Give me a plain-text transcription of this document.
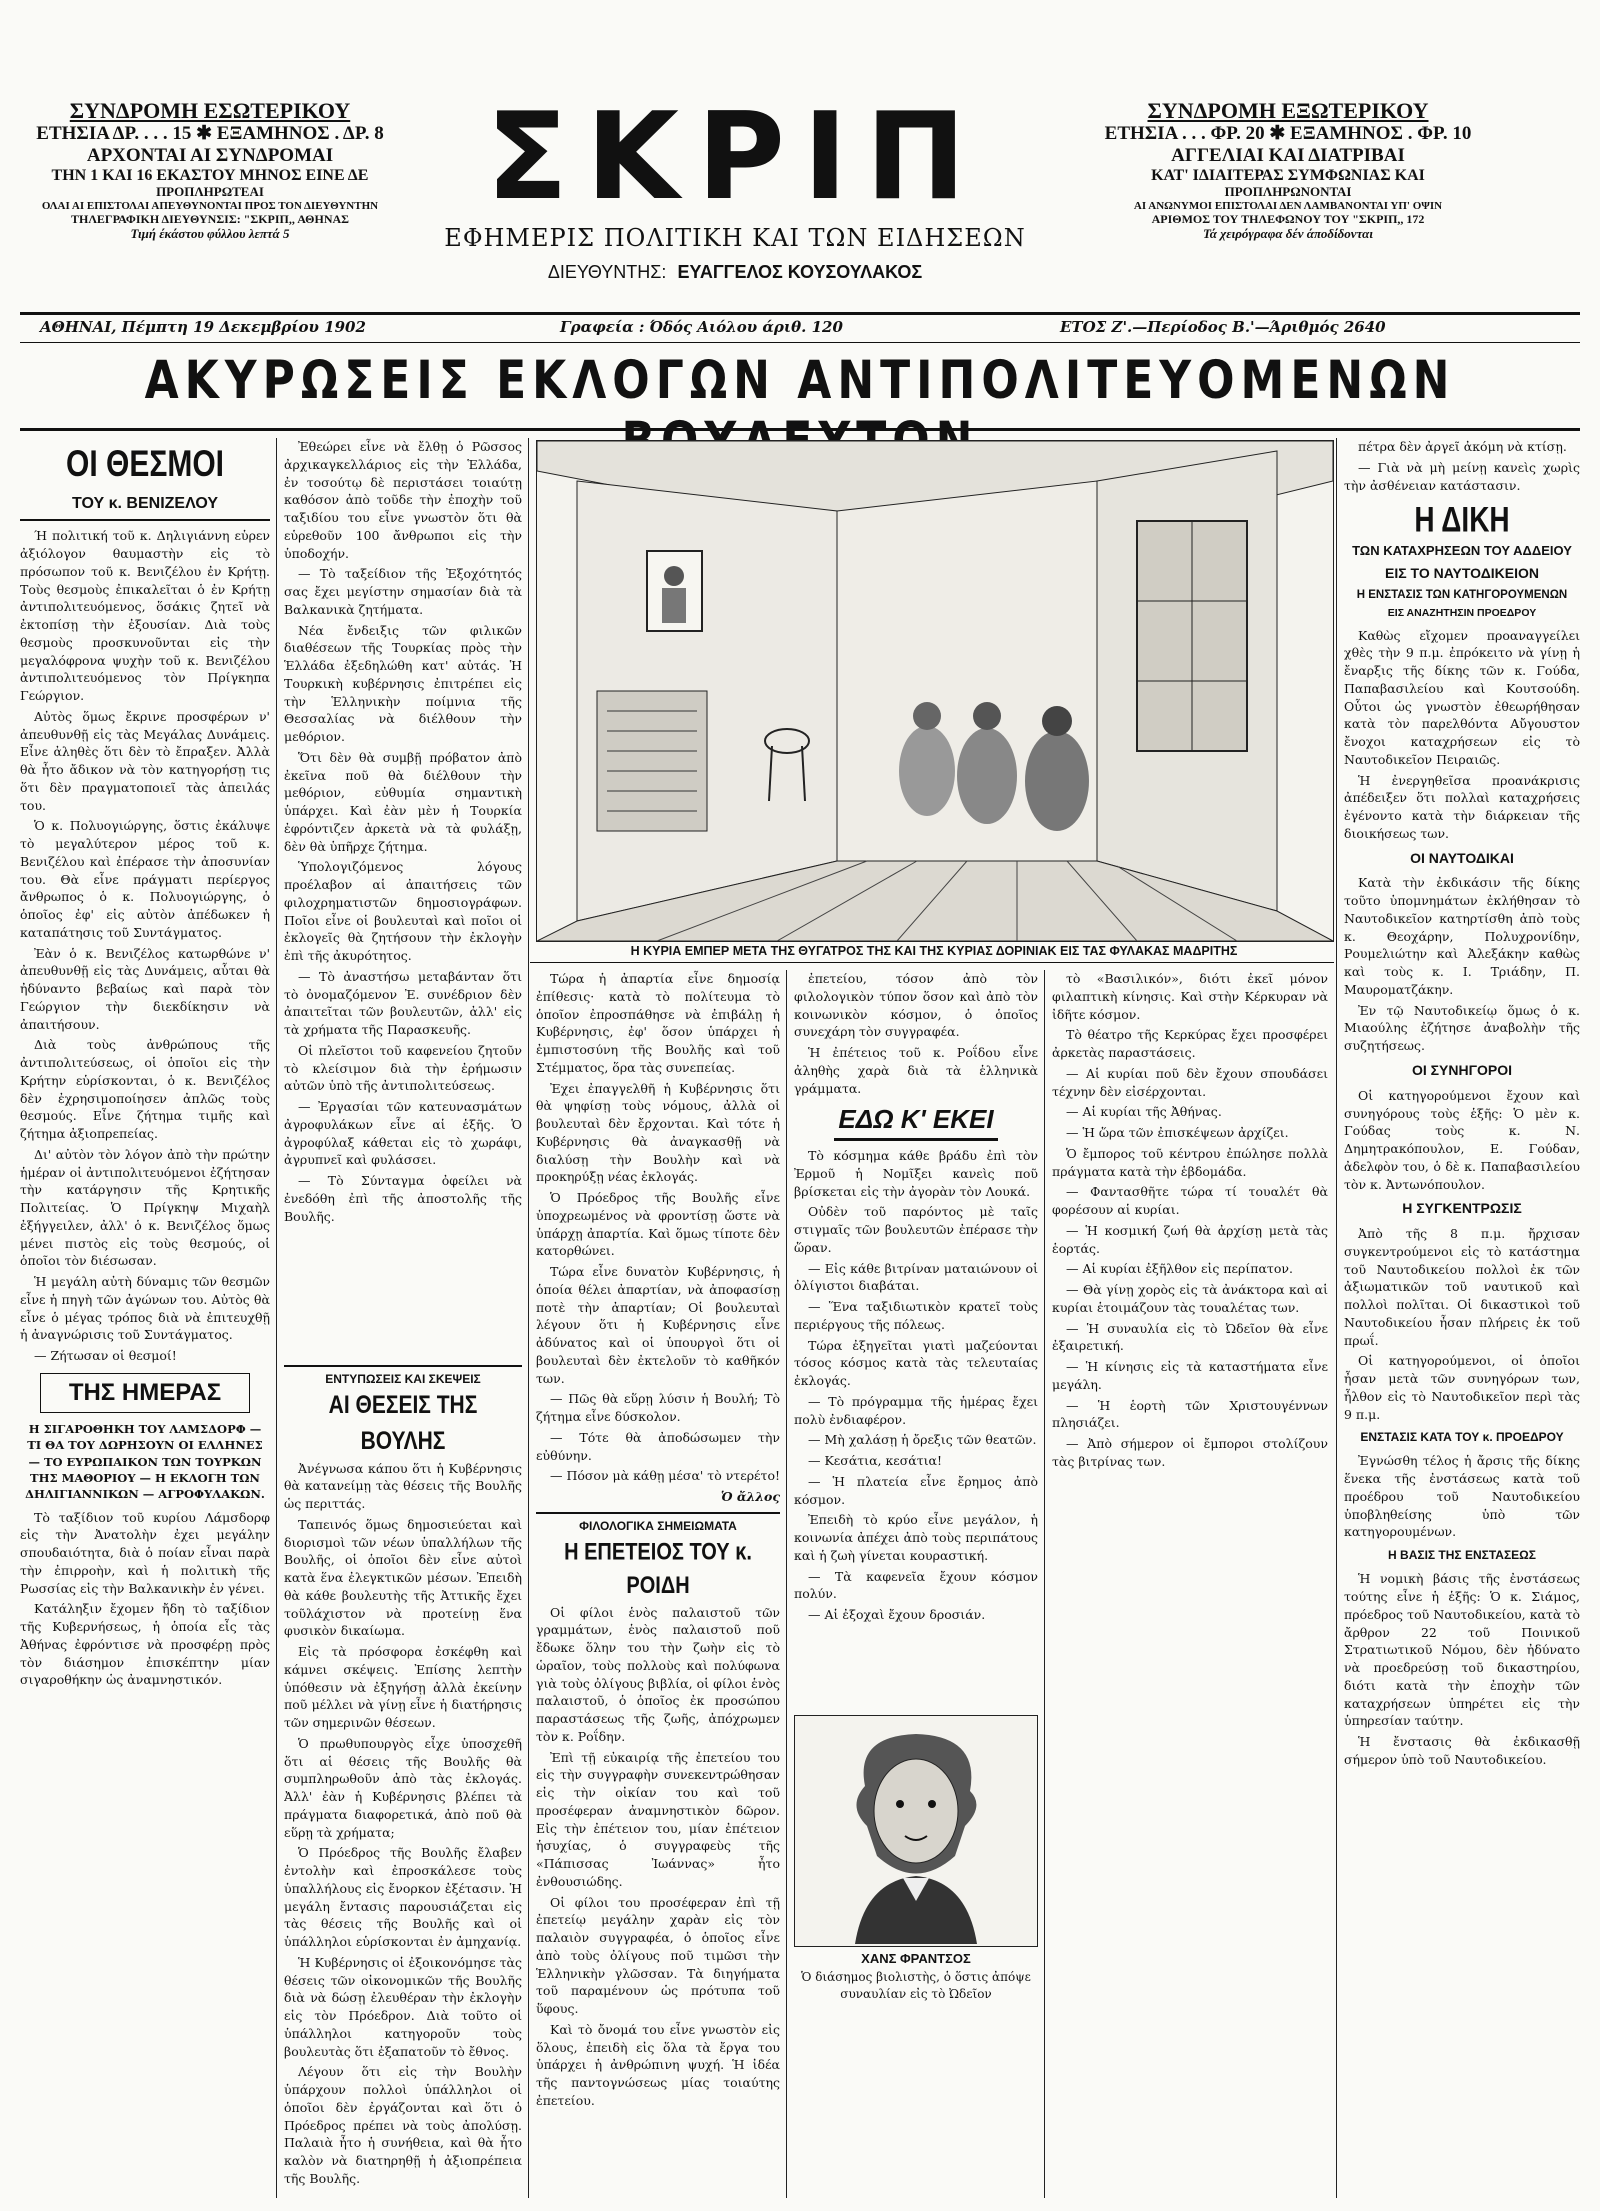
ΣΥΝΔΡΟΜΗ ΕΣΩΤΕΡΙΚΟΥ
ΕΤΗΣΙΑ ΔΡ. . . . 15 ✱ ΕΞΑΜΗΝΟΣ . ΔΡ. 8
ΑΡΧΟΝΤΑΙ ΑΙ ΣΥΝΔΡΟΜΑΙ
ΤΗΝ 1 ΚΑΙ 16 ΕΚΑΣΤΟΥ ΜΗΝΟΣ ΕΙΝΕ ΔΕ
ΠΡΟΠΛΗΡΩΤΕΑΙ
ΟΛΑΙ ΑΙ ΕΠΙΣΤΟΛΑΙ ΑΠΕΥΘΥΝΟΝΤΑΙ ΠΡΟΣ ΤΟΝ ΔΙΕΥΘΥΝΤΗΝ
ΤΗΛΕΓΡΑΦΙΚΗ ΔΙΕΥΘΥΝΣΙΣ: "ΣΚΡΙΠ,, ΑΘΗΝΑΣ
Τιμή έκάστου φύλλου λεπτά 5
ΣΚΡΙΠ
ΕΦΗΜΕΡΙΣ ΠΟΛΙΤΙΚΗ ΚΑΙ ΤΩΝ ΕΙΔΗΣΕΩΝ
ΔΙΕΥΘΥΝΤΗΣ: ΕΥΑΓΓΕΛΟΣ ΚΟΥΣΟΥΛΑΚΟΣ
ΣΥΝΔΡΟΜΗ ΕΞΩΤΕΡΙΚΟΥ
ΕΤΗΣΙΑ . . . ΦΡ. 20 ✱ ΕΞΑΜΗΝΟΣ . ΦΡ. 10
ΑΓΓΕΛΙΑΙ ΚΑΙ ΔΙΑΤΡΙΒΑΙ
ΚΑΤ' ΙΔΙΑΙΤΕΡΑΣ ΣΥΜΦΩΝΙΑΣ ΚΑΙ
ΠΡΟΠΛΗΡΩΝΟΝΤΑΙ
ΑΙ ΑΝΩΝΥΜΟΙ ΕΠΙΣΤΟΛΑΙ ΔΕΝ ΛΑΜΒΑΝΟΝΤΑΙ ΥΠ' ΟΨΙΝ
ΑΡΙΘΜΟΣ ΤΟΥ ΤΗΛΕΦΩΝΟΥ ΤΟΥ "ΣΚΡΙΠ,, 172
Τά χειρόγραφα δέν άποδίδονται
ΑΘΗΝΑΙ, Πέμπτη 19 Δεκεμβρίου 1902	Γραφεία : Όδός Αιόλου άριθ. 120	ΕΤΟΣ Ζ'.—Περίοδος Β.'—Άριθμός 2640
ΑΚΥΡΩΣΕΙΣ ΕΚΛΟΓΩΝ ΑΝΤΙΠΟΛΙΤΕΥΟΜΕΝΩΝ
ΟΙ ΘΕΣΜΟΙ
ΤΟΥ κ. ΒΕΝΙΖΕΛΟΥ

Ή πολιτική τοῦ κ. Δηλιγιάννη εὑρεν ἀξιόλογον θαυμαστὴν εἰς τὸ πρόσωπον τοῦ κ. Βενιζέλου ἐν Κρήτῃ. Τοὺς θεσμοὺς ἐπικαλεῖται ὁ ἐν Κρήτῃ ἀντιπολιτευόμενος, ὅσάκις ζητεῖ νὰ ἐκτοπίσῃ τὴν ἐξουσίαν. Διὰ τοὺς θεσμοὺς προσκυνοῦνται εἰς τὴν μεγαλόφρονα ψυχὴν τοῦ κ. Βενιζέλου ἀντιπολιτευόμενος τὸν Πρίγκηπα Γεώργιον.

Αὐτὸς ὅμως ἔκρινε προσφέρων ν' ἀπευθυνθῇ εἰς τὰς Μεγάλας Δυνάμεις. Εἶνε ἀληθὲς ὅτι δὲν τὸ ἔπραξεν. Ἀλλὰ θὰ ἦτο ἄδικον νὰ τὸν κατηγορήσῃ τις ὅτι δὲν πραγματοποιεῖ τὰς ἀπειλάς του.

Ὁ κ. Πολυογιώργης, ὅστις ἐκάλυψε τὸ μεγαλύτερον μέρος τοῦ κ. Βενιζέλου καὶ ἐπέρασε τὴν ἀποσυνίαν του. Θὰ εἶνε πράγματι περίεργος ἄνθρωπος ὁ κ. Πολυογιώργης, ὁ ὁποῖος ἐφ' εἰς αὐτὸν ἀπέδωκεν ἡ καταπάτησις τοῦ Συντάγματος.

Ἐὰν ὁ κ. Βενιζέλος κατωρθώνε ν' ἀπευθυνθῇ εἰς τὰς Δυνάμεις, αὗται θὰ ἠδύναντο βεβαίως καὶ παρὰ τὸν Γεώργιον τὴν διεκδίκησιν νὰ ἀπαιτήσουν.

Διὰ τοὺς ἀνθρώπους τῆς ἀντιπολιτεύσεως, οἱ ὁποῖοι εἰς τὴν Κρήτην εὑρίσκονται, ὁ κ. Βενιζέλος δὲν ἐχρησιμοποίησεν ἀπλῶς τοὺς θεσμούς. Εἶνε ζήτημα τιμῆς καὶ ζήτημα ἀξιοπρεπείας.

Δι' αὐτὸν τὸν λόγον ἀπὸ τὴν πρώτην ἡμέραν οἱ ἀντιπολιτευόμενοι ἐζήτησαν τὴν κατάργησιν τῆς Κρητικῆς Πολιτείας. Ὁ Πρίγκηψ Μιχαὴλ ἐξήγγειλεν, ἀλλ' ὁ κ. Βενιζέλος ὅμως μένει πιστὸς εἰς τοὺς θεσμούς, οἱ ὁποῖοι τὸν διέσωσαν.

Ἡ μεγάλη αὐτὴ δύναμις τῶν θεσμῶν εἶνε ἡ πηγὴ τῶν ἀγώνων του. Αὐτὸς θὰ εἶνε ὁ μέγας τρόπος διὰ νὰ ἐπιτευχθῇ ἡ ἀναγνώρισις τοῦ Συντάγματος.

— Ζήτωσαν οἱ θεσμοί!

ΤΗΣ ΗΜΕΡΑΣ
Η ΣΙΓΑΡΟΘΗΚΗ ΤΟΥ ΛΑΜΣΔΟΡΦ — ΤΙ ΘΑ ΤΟΥ ΔΩΡΗΣΟΥΝ ΟΙ ΕΛΛΗΝΕΣ — ΤΟ ΕΥΡΩΠΑΙΚΟΝ ΤΩΝ ΤΟΥΡΚΩΝ ΤΗΣ ΜΑΘΟΡΙΟΥ — Η ΕΚΛΟΓΗ ΤΩΝ ΔΗΛΙΓΙΑΝΝΙΚΩΝ — ΑΓΡΟΦΥΛΑΚΩΝ.

Τὸ ταξίδιον τοῦ κυρίου Λάμσδορφ εἰς τὴν Ἀνατολὴν ἐχει μεγάλην σπουδαιότητα, διὰ ὁ ποίαν εἶναι παρὰ τὴν ἐπιρροὴν, καὶ ἡ πολιτικὴ τῆς Ρωσσίας εἰς τὴν Βαλκανικὴν ἐν γένει.

Κατάληξιν ἔχομεν ἤδη τὸ ταξίδιον τῆς Κυβερνήσεως, ἡ ὁποία εἶς τὰς Ἀθήνας ἐφρόντισε νὰ προσφέρῃ πρὸς τὸν διάσημον ἐπισκέπτην μίαν σιγαροθήκην ὡς ἀναμνηστικόν.

Ἐθεώρει εἶνε νὰ ἔλθῃ ὁ Ρῶσσος ἀρχικαγκελλάριος εἰς τὴν Ἑλλάδα, ἐν τοσούτῳ δὲ περιστάσει τοιαύτῃ καθόσον ἀπὸ τοῦδε τὴν ἐποχὴν τοῦ ταξιδίου του εἶνε γνωστὸν ὅτι θὰ εὑρεθοῦν 100 ἄνθρωποι εἰς τὴν ὑποδοχήν.

— Τὸ ταξείδιον τῆς Ἐξοχότητός σας ἔχει μεγίστην σημασίαν διὰ τὰ Βαλκανικὰ ζητήματα.

Νέα ἔνδειξις τῶν φιλικῶν διαθέσεων τῆς Τουρκίας πρὸς τὴν Ἑλλάδα ἐξεδηλώθη κατ' αὐτάς. Ἡ Τουρκικὴ κυβέρνησις ἐπιτρέπει εἰς τὴν Ἑλληνικὴν ποίμνια τῆς Θεσσαλίας νὰ διέλθουν τὴν μεθόριον.

Ὅτι δὲν θὰ συμβῇ πρόβατον ἀπὸ ἐκεῖνα ποῦ θὰ διέλθουν τὴν μεθόριον, εὐθυμία σημαντικὴ ὑπάρχει. Καὶ ἐὰν μὲν ἡ Τουρκία ἐφρόντιζεν ἀρκετὰ νὰ τὰ φυλάξῃ, δὲν θὰ ὑπῆρχε ζήτημα.

Ὑπολογιζόμενος λόγους προέλαβον αἱ ἀπαιτήσεις τῶν φιλοχρηματιστῶν δημοσιογράφων. Ποῖοι εἶνε οἱ βουλευταὶ καὶ ποῖοι οἱ ἐκλογεῖς θὰ ζητήσουν τὴν ἐκλογὴν ἐπὶ τῆς ἀκυρότητος.

— Τὸ ἀναστήσω μεταβάνταν ὅτι τὸ ὀνομαζόμενον Ἐ. συνέδριον δὲν ἀπαιτεῖται τῶν βουλευτῶν, ἀλλ' εἰς τὰ χρήματα τῆς Παρασκευῆς.

Οἱ πλεῖστοι τοῦ καφενείου ζητοῦν τὸ κλείσιμον διὰ τὴν ἐρήμωσιν αὐτῶν ὑπὸ τῆς ἀντιπολιτεύσεως.

— Ἐργασίαι τῶν κατευνασμάτων ἀγροφυλάκων εἶνε αἱ ἑξῆς. Ὁ ἀγροφύλαξ κάθεται εἰς τὸ χωράφι, ἀγρυπνεῖ καὶ φυλάσσει.

— Τὸ Σύνταγμα ὀφείλει νὰ ἐνεδόθη ἐπὶ τῆς ἀποστολῆς τῆς Βουλῆς.

ΕΝΤΥΠΩΣΕΙΣ ΚΑΙ ΣΚΕΨΕΙΣ
ΑΙ ΘΕΣΕΙΣ ΤΗΣ ΒΟΥΛΗΣ

Ἀνέγνωσα κάπου ὅτι ἡ Κυβέρνησις θὰ κατανείμῃ τὰς θέσεις τῆς Βουλῆς ὡς περιττάς.

Ταπεινός ὅμως δημοσιεύεται καὶ διορισμοὶ τῶν νέων ὑπαλλήλων τῆς Βουλῆς, οἱ ὁποῖοι δὲν εἶνε αὐτοὶ κατὰ ἕνα ἐλεγκτικῶν μέσων. Ἐπειδὴ θὰ κάθε βουλευτὴς τῆς Ἀττικῆς ἔχει τοῦλάχιστον νὰ προτείνῃ ἕνα φυσικὸν δικαίωμα.

Εἰς τὰ πρόσφορα ἐσκέφθη καὶ κάμνει σκέψεις. Ἐπίσης λεπτὴν ὑπόθεσιν νὰ ἐξηγήσῃ ἀλλὰ ἐκείνην ποῦ μέλλει νὰ γίνῃ εἶνε ἡ διατήρησις τῶν σημερινῶν θέσεων.

Ὁ πρωθυπουργὸς εἶχε ὑποσχεθῆ ὅτι αἱ θέσεις τῆς Βουλῆς θὰ συμπληρωθοῦν ἀπὸ τὰς ἐκλογάς. Ἀλλ' ἐὰν ἡ Κυβέρνησις βλέπει τὰ πράγματα διαφορετικά, ἀπὸ ποῦ θὰ εὕρῃ τὰ χρήματα;

Ὁ Πρόεδρος τῆς Βουλῆς ἔλαβεν ἐντολὴν καὶ ἐπροσκάλεσε τοὺς ὑπαλλήλους εἰς ἔνορκον ἐξέτασιν. Ἡ μεγάλη ἔντασις παρουσιάζεται εἰς τὰς θέσεις τῆς Βουλῆς καὶ οἱ ὑπάλληλοι εὑρίσκονται ἐν ἀμηχανίᾳ.

Ἡ Κυβέρνησις οἱ ἐξοικονόμησε τὰς θέσεις τῶν οἰκονομικῶν τῆς Βουλῆς διὰ νὰ δώσῃ ἐλευθέραν τὴν ἐκλογὴν εἰς τὸν Πρόεδρον. Διὰ τοῦτο οἱ ὑπάλληλοι κατηγοροῦν τοὺς βουλευτὰς ὅτι ἐξαπατοῦν τὸ ἔθνος.

Λέγουν ὅτι εἰς τὴν Βουλὴν ὑπάρχουν πολλοὶ ὑπάλληλοι οἱ ὁποῖοι δὲν ἐργάζονται καὶ ὅτι ὁ Πρόεδρος πρέπει νὰ τοὺς ἀπολύσῃ. Παλαιὰ ἦτο ἡ συνήθεια, καὶ θὰ ἦτο καλὸν νὰ διατηρηθῇ ἡ ἀξιοπρέπεια τῆς Βουλῆς.

Η ΚΥΡΙΑ ΕΜΠΕΡ ΜΕΤΑ ΤΗΣ ΘΥΓΑΤΡΟΣ ΤΗΣ ΚΑΙ ΤΗΣ ΚΥΡΙΑΣ ΔΟΡΙΝΙΑΚ ΕΙΣ ΤΑΣ ΦΥΛΑΚΑΣ ΜΑΔΡΙΤΗΣ

Τώρα ἡ ἀπαρτία εἶνε δημοσίᾳ ἐπίθεσις· κατὰ τὸ πολίτευμα τὸ ὁποῖον ἐπροσπάθησε νὰ ἐπιβάλῃ ἡ Κυβέρνησις, ἐφ' ὅσον ὑπάρχει ἡ ἐμπιστοσύνη τῆς Βουλῆς καὶ τοῦ Στέμματος, ὅρα τὰς συνεπείας.

Ἐχει ἐπαγγελθῆ ἡ Κυβέρνησις ὅτι θὰ ψηφίσῃ τοὺς νόμους, ἀλλὰ οἱ βουλευταὶ δὲν ἔρχονται. Καὶ τότε ἡ Κυβέρνησις θὰ ἀναγκασθῇ νὰ διαλύσῃ τὴν Βουλὴν καὶ νὰ προκηρύξῃ νέας ἐκλογάς.

Ὁ Πρόεδρος τῆς Βουλῆς εἶνε ὑποχρεωμένος νὰ φροντίσῃ ὥστε νὰ ὑπάρχῃ ἀπαρτία. Καὶ ὅμως τίποτε δὲν κατορθώνει.

Τώρα εἶνε δυνατὸν Κυβέρνησις, ἡ ὁποία θέλει ἀπαρτίαν, νὰ ἀποφασίσῃ ποτὲ τὴν ἀπαρτίαν; Οἱ βουλευταὶ λέγουν ὅτι ἡ Κυβέρνησις εἶνε ἀδύνατος καὶ οἱ ὑπουργοὶ ὅτι οἱ βουλευταὶ δὲν ἐκτελοῦν τὸ καθῆκόν των.

— Πῶς θὰ εὕρῃ λύσιν ἡ Βουλή; Τὸ ζήτημα εἶνε δύσκολον.

— Τότε θὰ ἀποδώσωμεν τὴν εὐθύνην.

— Πόσον μὰ κάθῃ μέσα' τὸ ντερέτο!

Ὁ ἄλλος
ΦΙΛΟΛΟΓΙΚΑ ΣΗΜΕΙΩΜΑΤΑ
Η ΕΠΕΤΕΙΟΣ ΤΟΥ κ. ΡΟΙΔΗ

Οἱ φίλοι ἑνὸς παλαιστοῦ τῶν γραμμάτων, ἑνὸς παλαιστοῦ ποῦ ἔδωκε ὅλην του τὴν ζωὴν εἰς τὸ ὡραῖον, τοὺς πολλοὺς καὶ πολύφωνα γιὰ τοὺς ὀλίγους βιβλία, οἱ φίλοι ἑνὸς παλαιστοῦ, ὁ ὁποῖος ἐκ προσώπου παραστάσεως τῆς ζωῆς, ἀπόχρωμεν τὸν κ. Ροΐδην.

Ἐπὶ τῇ εὐκαιρίᾳ τῆς ἐπετείου του εἰς τὴν συγγραφὴν συνεκεντρώθησαν εἰς τὴν οἰκίαν του καὶ τοῦ προσέφεραν ἀναμνηστικὸν δῶρον. Εἰς τὴν ἐπέτειον του, μίαν ἐπέτειον ἡσυχίας, ὁ συγγραφεὺς τῆς «Πάπισσας Ἰωάννας» ἦτο ἐνθουσιώδης.

Οἱ φίλοι του προσέφεραν ἐπὶ τῇ ἐπετείῳ μεγάλην χαρὰν εἰς τὸν παλαιὸν συγγραφέα, ὁ ὁποῖος εἶνε ἀπὸ τοὺς ὀλίγους ποῦ τιμῶσι τὴν Ἑλληνικὴν γλῶσσαν. Τὰ διηγήματα τοῦ παραμένουν ὡς πρότυπα τοῦ ὕφους.

Καὶ τὸ ὄνομά του εἶνε γνωστὸν εἰς ὅλους, ἐπειδὴ εἰς ὅλα τὰ ἔργα του ὑπάρχει ἡ ἀνθρώπινη ψυχή. Ἡ ἰδέα τῆς παντογνώσεως μίας τοιαύτης ἐπετείου.

ἐπετείου, τόσον ἀπὸ τὸν φιλολογικὸν τύπον ὅσον καὶ ἀπὸ τὸν κοινωνικὸν κόσμον, ὁ ὁποῖος συνεχάρη τὸν συγγραφέα.

Ἡ ἐπέτειος τοῦ κ. Ροΐδου εἶνε ἀληθὴς χαρὰ διὰ τὰ ἑλληνικὰ γράμματα.

ΕΔΩ Κ' ΕΚΕΙ

Τὸ κόσμημα κάθε βράδυ ἐπὶ τὸν Ἐρμοῦ ἡ Νομῖξει κανεὶς ποῦ βρίσκεται εἰς τὴν ἀγορὰν τὸν Λουκά.

Οὐδὲν τοῦ παρόντος μὲ ταῖς στιγμαῖς τῶν βουλευτῶν ἐπέρασε τὴν ὥραν.

— Εἰς κάθε βιτρίναν ματαιώνουν οἱ ὀλίγιστοι διαβάται.

— Ἕνα ταξιδιωτικὸν κρατεῖ τοὺς περιέργους τῆς πόλεως.

Τώρα ἐξηγεῖται γιατὶ μαζεύονται τόσος κόσμος κατὰ τὰς τελευταίας ἐκλογάς.

— Τὸ πρόγραμμα τῆς ἡμέρας ἔχει πολὺ ἐνδιαφέρον.

— Μὴ χαλάσῃ ἡ ὄρεξις τῶν θεατῶν.

— Κεσάτια, κεσάτια!

— Ἡ πλατεία εἶνε ἔρημος ἀπὸ κόσμον.

Ἐπειδὴ τὸ κρύο εἶνε μεγάλον, ἡ κοινωνία ἀπέχει ἀπὸ τοὺς περιπάτους καὶ ἡ ζωὴ γίνεται κουραστική.

— Τὰ καφενεῖα ἔχουν κόσμον πολύν.

— Αἱ ἐξοχαὶ ἔχουν δροσιάν.

ΧΑΝΣ ΦΡΑΝΤΣΟΣ
Ὁ διάσημος βιολιστὴς, ὁ ὅστις ἀπόψε συναυλίαν εἰς τὸ Ὠδεῖον

τὸ «Βασιλικόν», διότι ἐκεῖ μόνον φιλαπτικὴ κίνησις. Καὶ στὴν Κέρκυραν νὰ ἰδῆτε κόσμον.

Τὸ θέατρο τῆς Κερκύρας ἔχει προσφέρει ἀρκετὰς παραστάσεις.

— Αἱ κυρίαι ποῦ δὲν ἔχουν σπουδάσει τέχνην δὲν εἰσέρχονται.

— Αἱ κυρίαι τῆς Ἀθήνας.

— Ἡ ὥρα τῶν ἐπισκέψεων ἀρχίζει.

Ὁ ἔμπορος τοῦ κέντρου ἐπώλησε πολλὰ πράγματα κατὰ τὴν ἑβδομάδα.

— Φαντασθῆτε τώρα τί τουαλέτ θὰ φορέσουν αἱ κυρίαι.

— Ἡ κοσμική ζωή θὰ ἀρχίσῃ μετὰ τὰς ἑορτάς.

— Αἱ κυρίαι ἐξῆλθον εἰς περίπατον.

— Θὰ γίνῃ χορὸς εἰς τὰ ἀνάκτορα καὶ αἱ κυρίαι ἑτοιμάζουν τὰς τουαλέτας των.

— Ἡ συναυλία εἰς τὸ Ὠδεῖον θὰ εἶνε ἐξαιρετική.

— Ἡ κίνησις εἰς τὰ καταστήματα εἶνε μεγάλη.

— Ἡ ἑορτὴ τῶν Χριστουγέννων πλησιάζει.

— Ἀπὸ σήμερον οἱ ἔμποροι στολίζουν τὰς βιτρίνας των.

πέτρα δὲν ἀργεῖ ἀκόμη νὰ κτίσῃ.

— Γιὰ νὰ μὴ μείνῃ κανεὶς χωρὶς τὴν ἀσθένειαν κατάστασιν.

Η ΔΙΚΗ
ΤΩΝ ΚΑΤΑΧΡΗΣΕΩΝ ΤΟΥ ΑΔΔΕΙΟΥ
ΕΙΣ ΤΟ ΝΑΥΤΟΔΙΚΕΙΟΝ
Η ΕΝΣΤΑΣΙΣ ΤΩΝ ΚΑΤΗΓΟΡΟΥΜΕΝΩΝ
ΕΙΣ ΑΝΑΖΗΤΗΣΙΝ ΠΡΟΕΔΡΟΥ

Καθὼς εἴχομεν προαναγγείλει χθὲς τὴν 9 π.μ. ἐπρόκειτο νὰ γίνῃ ἡ ἔναρξις τῆς δίκης τῶν κ. Γούδα, Παπαβασιλείου καὶ Κουτσούδη. Οὗτοι ὡς γνωστὸν ἐθεωρήθησαν κατὰ τὸν παρελθόντα Αὔγουστον ἔνοχοι καταχρήσεων εἰς τὸ Ναυτοδικεῖον Πειραιῶς.

Ἡ ἐνεργηθεῖσα προανάκρισις ἀπέδειξεν ὅτι πολλαὶ καταχρήσεις ἐγένοντο κατὰ τὴν διάρκειαν τῆς διοικήσεως των.

ΟΙ ΝΑΥΤΟΔΙΚΑΙ

Κατὰ τὴν ἐκδικάσιν τῆς δίκης τοῦτο ὑπομνημάτων ἐκλήθησαν τὸ Ναυτοδικεῖον κατηρτίσθη ἀπὸ τοὺς κ. Θεοχάρην, Πολυχρονίδην, Ρουμελιώτην καὶ Ἀλεξάκην καθὼς καὶ τοὺς κ. Ι. Τριάδην, Π. Μαυροματζάκην.

Ἐν τῷ Ναυτοδικείῳ ὅμως ὁ κ. Μιαούλης ἐζήτησε ἀναβολὴν τῆς συζητήσεως.

ΟΙ ΣΥΝΗΓΟΡΟΙ

Οἱ κατηγορούμενοι ἔχουν καὶ συνηγόρους τοὺς ἑξῆς: Ὁ μὲν κ. Γούδας τοὺς κ. Ν. Δημητρακόπουλον, Ε. Γούδαν, ἀδελφὸν του, ὁ δὲ κ. Παπαβασιλείου τὸν κ. Ἀντωνόπουλον.

Η ΣΥΓΚΕΝΤΡΩΣΙΣ

Ἀπὸ τῆς 8 π.μ. ἤρχισαν συγκεντρούμενοι εἰς τὸ κατάστημα τοῦ Ναυτοδικείου πολλοὶ ἐκ τῶν ἀξιωματικῶν τοῦ ναυτικοῦ καὶ πολλοὶ πολῖται. Οἱ δικαστικοὶ τοῦ Ναυτοδικείου ἦσαν πλήρεις ἐκ τοῦ πρωΐ.

Οἱ κατηγορούμενοι, οἱ ὁποῖοι ἦσαν μετὰ τῶν συνηγόρων των, ἦλθον εἰς τὸ Ναυτοδικεῖον περὶ τὰς 9 π.μ.

ΕΝΣΤΑΣΙΣ ΚΑΤΑ ΤΟΥ κ. ΠΡΟΕΔΡΟΥ

Ἐγνώσθη τέλος ἡ ἄρσις τῆς δίκης ἕνεκα τῆς ἐνστάσεως κατὰ τοῦ προέδρου τοῦ Ναυτοδικείου ὑποβληθείσης ὑπὸ τῶν κατηγορουμένων.

Η ΒΑΣΙΣ ΤΗΣ ΕΝΣΤΑΣΕΩΣ

Ἡ νομικὴ βάσις τῆς ἐνστάσεως τούτης εἶνε ἡ ἑξῆς: Ὁ κ. Σιάμος, πρόεδρος τοῦ Ναυτοδικείου, κατὰ τὸ ἄρθρον 22 τοῦ Ποινικοῦ Στρατιωτικοῦ Νόμου, δὲν ἠδύνατο νὰ προεδρεύσῃ τοῦ δικαστηρίου, διότι κατὰ τὴν ἐποχὴν τῶν καταχρήσεων ὑπηρέτει εἰς τὴν ὑπηρεσίαν ταύτην.

Ἡ ἔνστασις θὰ ἐκδικασθῇ σήμερον ὑπὸ τοῦ Ναυτοδικείου.
